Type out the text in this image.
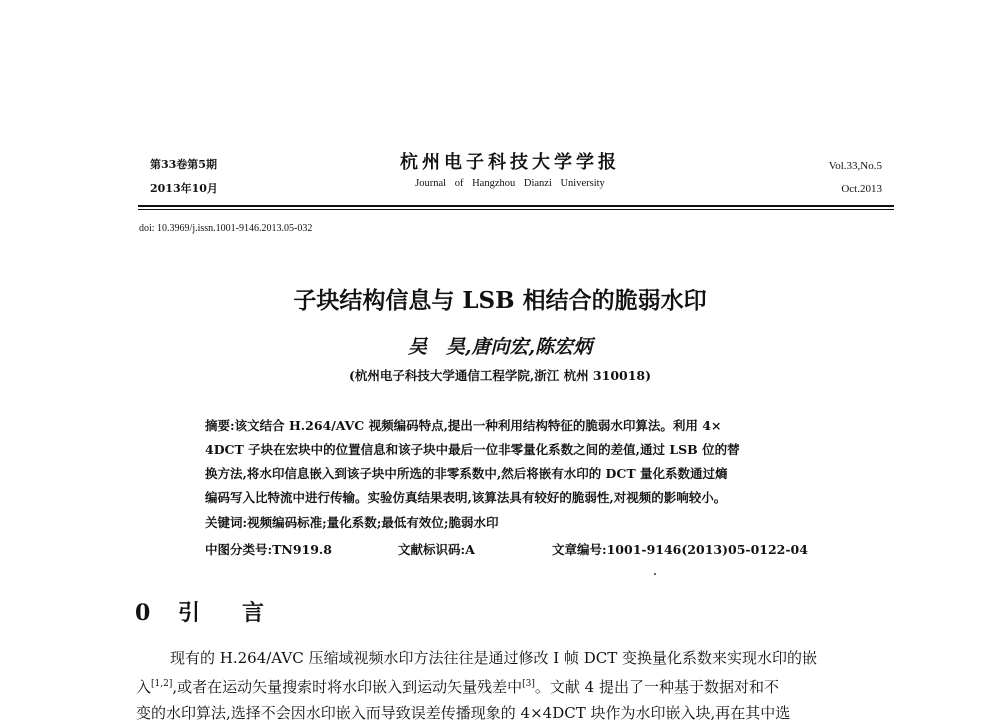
第33卷第5期
2013年10月
杭州电子科技大学学报
Journal of Hangzhou Dianzi University
Vol.33,No.5
Oct.2013
doi: 10.3969/j.issn.1001-9146.2013.05-032
子块结构信息与 LSB 相结合的脆弱水印
吴　昊,唐向宏,陈宏炳
(杭州电子科技大学通信工程学院,浙江 杭州 310018)
摘要:该文结合 H.264/AVC 视频编码特点,提出一种利用结构特征的脆弱水印算法。利用 4×
4DCT 子块在宏块中的位置信息和该子块中最后一位非零量化系数之间的差值,通过 LSB 位的替
换方法,将水印信息嵌入到该子块中所选的非零系数中,然后将嵌有水印的 DCT 量化系数通过熵
编码写入比特流中进行传输。实验仿真结果表明,该算法具有较好的脆弱性,对视频的影响较小。
关键词:视频编码标准;量化系数;最低有效位;脆弱水印
中图分类号:TN919.8	文献标识码:A	文章编号:1001-9146(2013)05-0122-04
0 引　言
现有的 H.264/AVC 压缩域视频水印方法往往是通过修改 I 帧 DCT 变换量化系数来实现水印的嵌
入[1,2],或者在运动矢量搜索时将水印嵌入到运动矢量残差中[3]。文献 4 提出了一种基于数据对和不
变的水印算法,选择不会因水印嵌入而导致误差传播现象的 4×4DCT 块作为水印嵌入块,再在其中选
